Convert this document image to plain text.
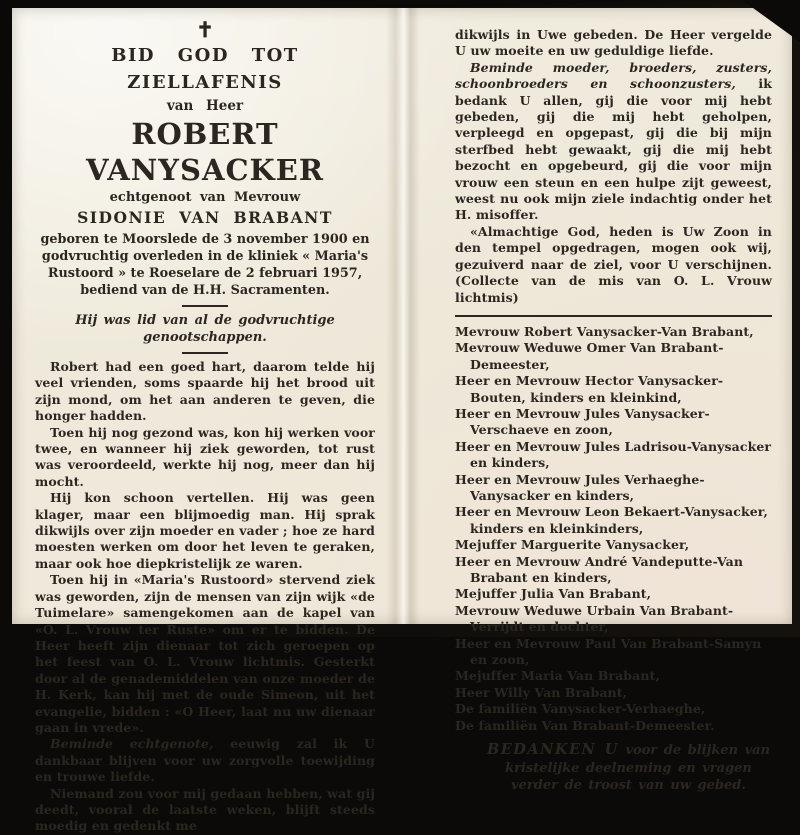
✝
BID GOD TOT ZIELLAFENIS
van Heer
ROBERT VANYSACKER
echtgenoot van Mevrouw
SIDONIE VAN BRABANT
geboren te Moorslede de 3 november 1900 en godvruchtig overleden in de kliniek « Maria's Rustoord » te Roeselare de 2 februari 1957, bediend van de H.H. Sacramenten.
Hij was lid van al de godvruchtige genootschappen.

Robert had een goed hart, daarom telde hij veel vrienden, soms spaarde hij het brood uit zijn mond, om het aan anderen te geven, die honger hadden.

Toen hij nog gezond was, kon hij werken voor twee, en wanneer hij ziek geworden, tot rust was veroordeeld, werkte hij nog, meer dan hij mocht.

Hij kon schoon vertellen. Hij was geen klager, maar een blijmoedig man. Hij sprak dikwijls over zijn moeder en vader ; hoe ze hard moesten werken om door het leven te geraken, maar ook hoe diepkristelijk ze waren.

Toen hij in «Maria's Rustoord» stervend ziek was geworden, zijn de mensen van zijn wijk «de Tuimelare» samengekomen aan de kapel van «O. L. Vrouw ter Ruste» om er te bidden. De Heer heeft zijn dienaar tot zich geroepen op het feest van O. L. Vrouw lichtmis. Gesterkt door al de genademiddelen van onze moeder de H. Kerk, kan hij met de oude Simeon, uit het evangelie, bidden : «O Heer, laat nu uw dienaar gaan in vrede».

Beminde echtgenote, eeuwig zal ik U dankbaar blijven voor uw zorgvolle toewijding en trouwe liefde.

Niemand zou voor mij gedaan hebben, wat gij deedt, vooral de laatste weken, blijft steeds moedig en gedenkt me

dikwijls in Uwe gebeden. De Heer vergelde U uw moeite en uw geduldige liefde.

Beminde moeder, broeders, zusters, schoonbroeders en schoonzusters, ik bedank U allen, gij die voor mij hebt gebeden, gij die mij hebt geholpen, verpleegd en opgepast, gij die bij mijn sterfbed hebt gewaakt, gij die mij hebt bezocht en opgebeurd, gij die voor mijn vrouw een steun en een hulpe zijt geweest, weest nu ook mijn ziele indachtig onder het H. misoffer.

«Almachtige God, heden is Uw Zoon in den tempel opgedragen, mogen ook wij, gezuiverd naar de ziel, voor U verschijnen. (Collecte van de mis van O. L. Vrouw lichtmis)

Mevrouw Robert Vanysacker-Van Brabant,
Mevrouw Weduwe Omer Van Brabant-Demeester,
Heer en Mevrouw Hector Vanysacker-Bouten, kinders en kleinkind,
Heer en Mevrouw Jules Vanysacker-Verschaeve en zoon,
Heer en Mevrouw Jules Ladrisou-Vanysacker en kinders,
Heer en Mevrouw Jules Verhaeghe-Vanysacker en kinders,
Heer en Mevrouw Leon Bekaert-Vanysacker, kinders en kleinkinders,
Mejuffer Marguerite Vanysacker,
Heer en Mevrouw André Vandeputte-Van Brabant en kinders,
Mejuffer Julia Van Brabant,
Mevrouw Weduwe Urbain Van Brabant-Verrijdt en dochter,
Heer en Mevrouw Paul Van Brabant-Samyn en zoon,
Mejuffer Maria Van Brabant,
Heer Willy Van Brabant,
De familiën Vanysacker-Verhaeghe,
De familiën Van Brabant-Demeester.
BEDANKEN U voor de blijken van kristelijke deelneming en vragen verder de troost van uw gebed.
